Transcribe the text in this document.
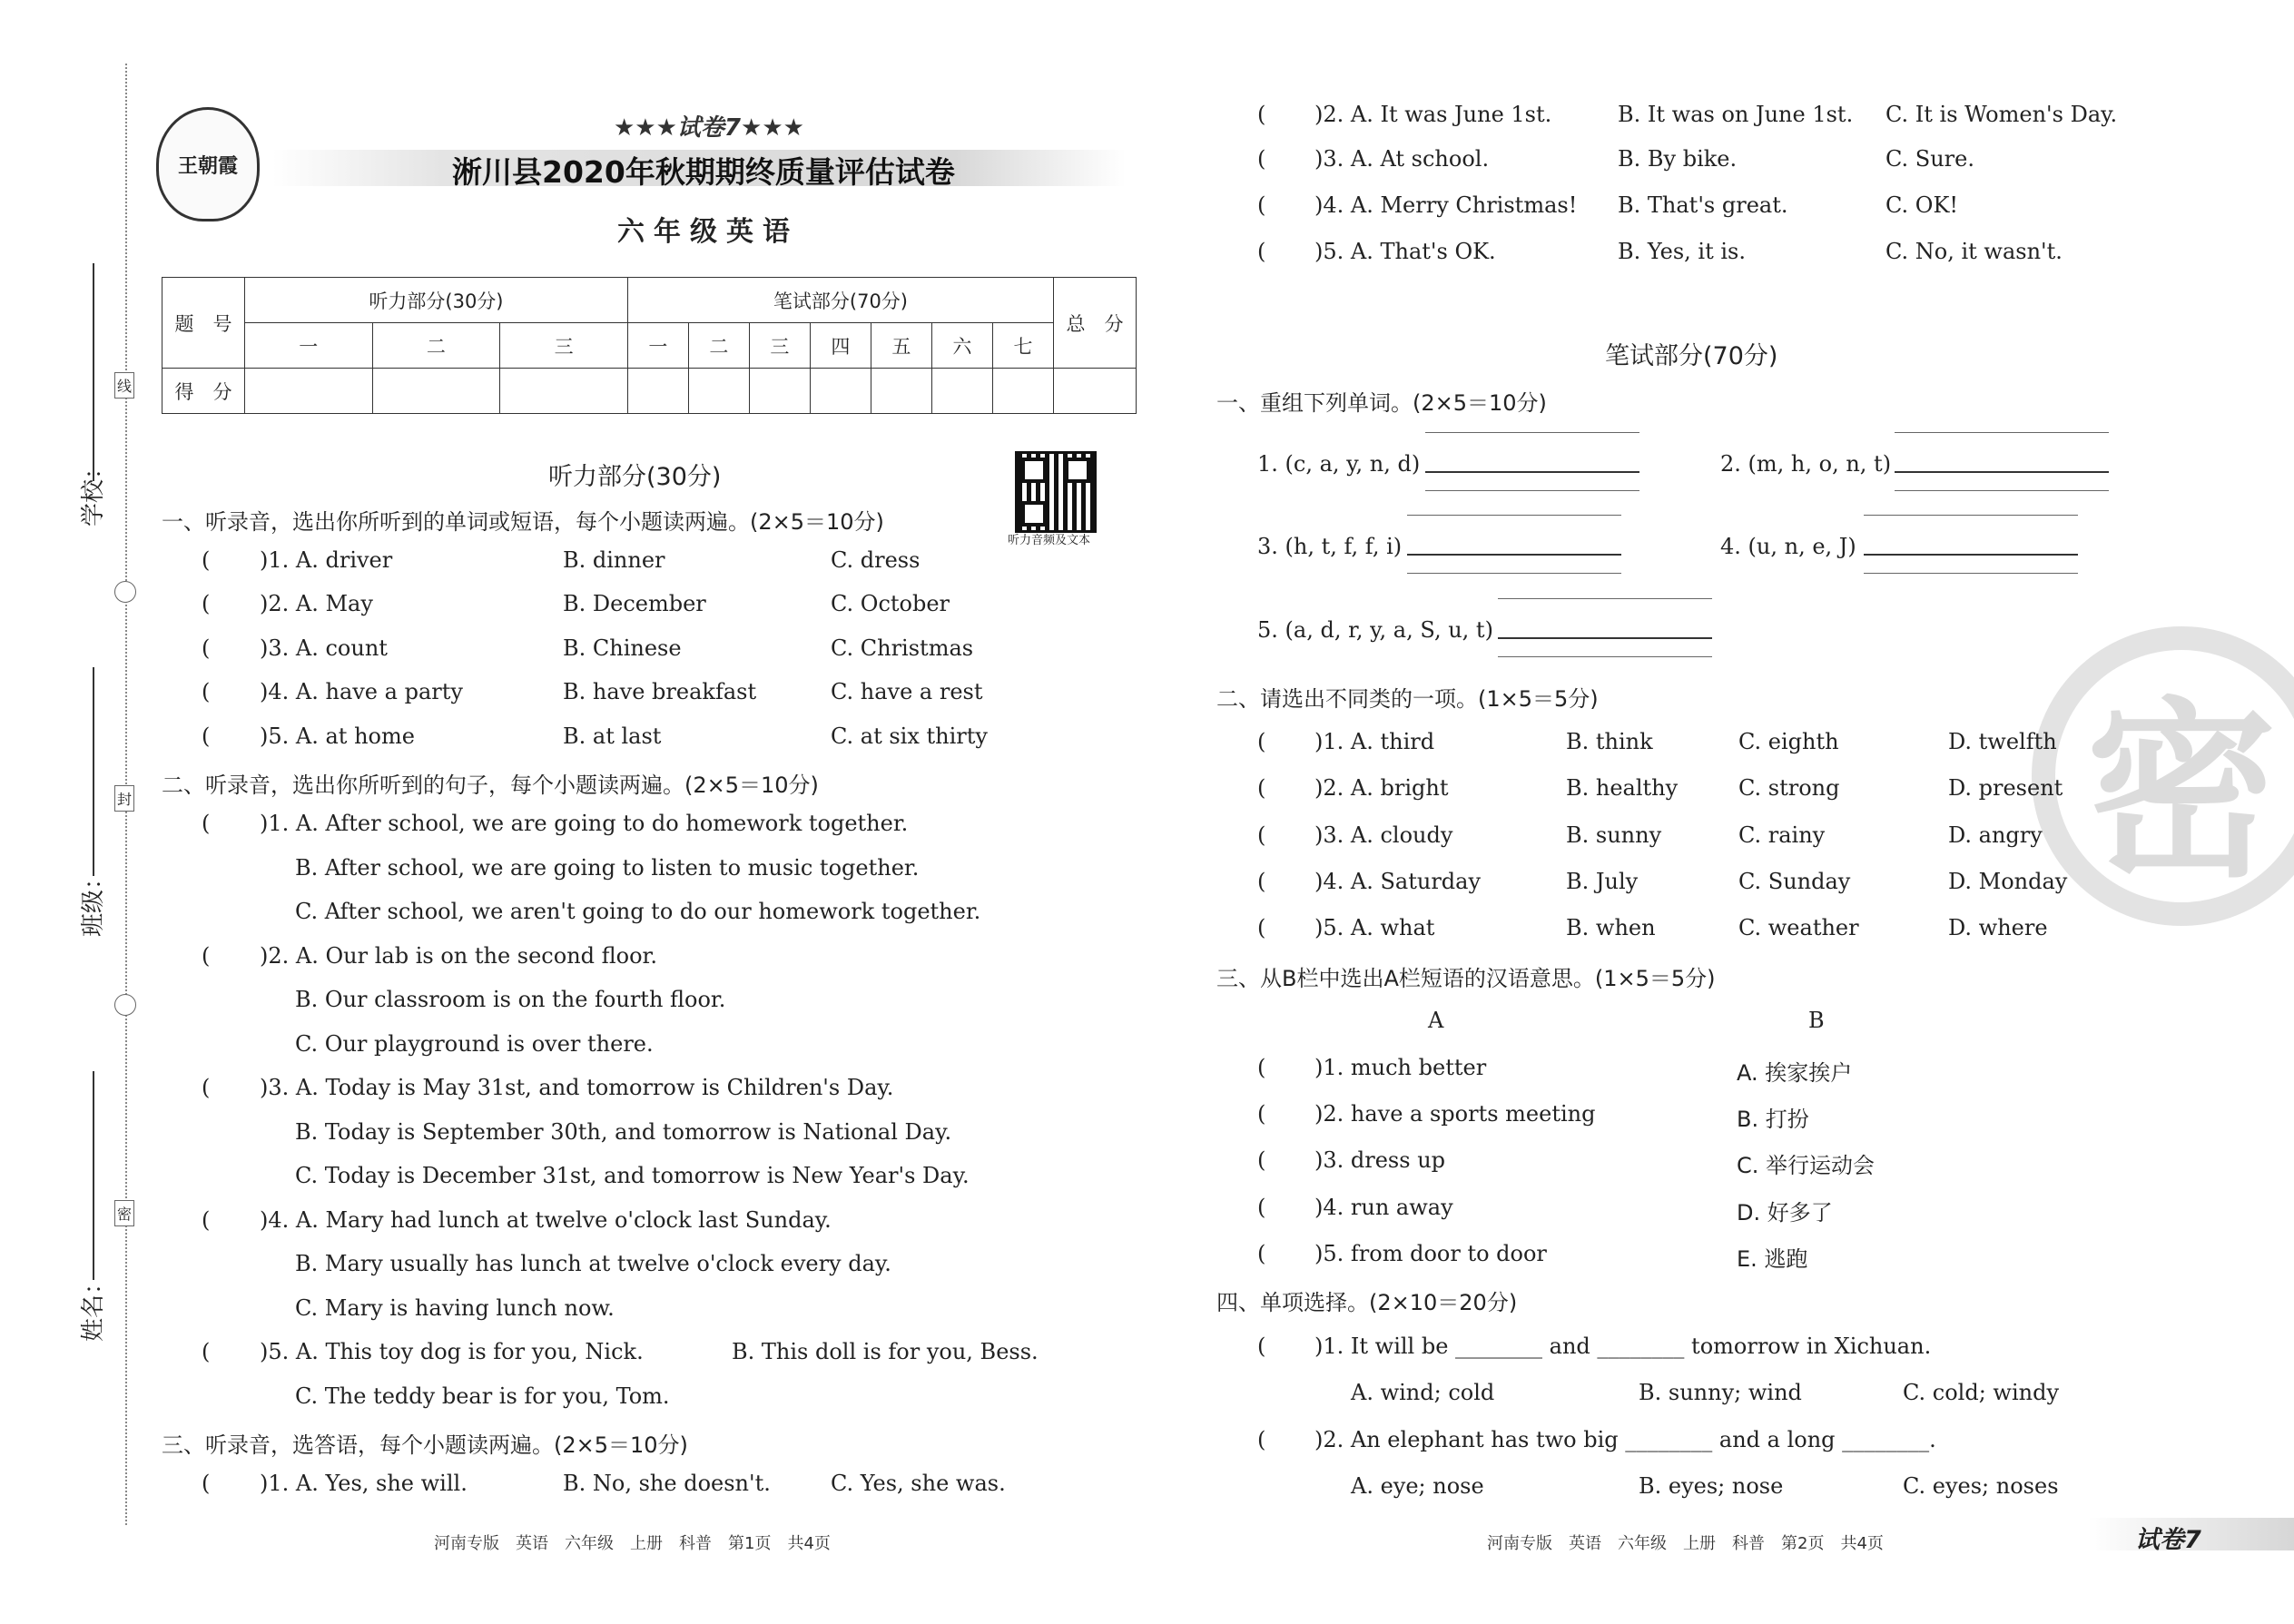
线
封
密
学校：
班级：
姓名：
王朝霞
★★★试卷7★★★
淅川县2020年秋期期终质量评估试卷
六年级英语
题　号	听力部分(30分)			笔试部分(70分)							总　分
	一	二	三	一	二	三	四	五	六	七	
得　分											
听力部分(30分)
听力音频及文本
一、听录音，选出你所听到的单词或短语，每个小题读两遍。(2×5＝10分)
( )1. A. driver	B. dinner	C. dress
( )2. A. May	B. December	C. October
( )3. A. count	B. Chinese	C. Christmas
( )4. A. have a party	B. have breakfast	C. have a rest
( )5. A. at home	B. at last	C. at six thirty
二、听录音，选出你所听到的句子，每个小题读两遍。(2×5＝10分)
( )1. A. After school, we are going to do homework together.
B. After school, we are going to listen to music together.
C. After school, we aren't going to do our homework together.
( )2. A. Our lab is on the second floor.
B. Our classroom is on the fourth floor.
C. Our playground is over there.
( )3. A. Today is May 31st, and tomorrow is Children's Day.
B. Today is September 30th, and tomorrow is National Day.
C. Today is December 31st, and tomorrow is New Year's Day.
( )4. A. Mary had lunch at twelve o'clock last Sunday.
B. Mary usually has lunch at twelve o'clock every day.
C. Mary is having lunch now.
( )5. A. This toy dog is for you, Nick.	B. This doll is for you, Bess.
C. The teddy bear is for you, Tom.
三、听录音，选答语，每个小题读两遍。(2×5＝10分)
( )1. A. Yes, she will.	B. No, she doesn't.	C. Yes, she was.
河南专版　英语　六年级　上册　科普　第1页　共4页
密
( )2. A. It was June 1st.	B. It was on June 1st. C. It is Women's Day.
( )3. A. At school.	B. By bike.	C. Sure.
( )4. A. Merry Christmas! B. That's great.	C. OK!
( )5. A. That's OK.	B. Yes, it is.	C. No, it wasn't.
笔试部分(70分)
一、重组下列单词。(2×5＝10分)
1. (c, a, y, n, d)	2. (m, h, o, n, t)
3. (h, t, f, f, i)	4. (u, n, e, J)
5. (a, d, r, y, a, S, u, t)
二、请选出不同类的一项。(1×5＝5分)
( )1. A. third	B. think	C. eighth	D. twelfth
( )2. A. bright	B. healthy	C. strong	D. present
( )3. A. cloudy	B. sunny	C. rainy	D. angry
( )4. A. Saturday	B. July	C. Sunday	D. Monday
( )5. A. what	B. when	C. weather	D. where
三、从B栏中选出A栏短语的汉语意思。(1×5＝5分)
A	B
( )1. much better	A. 挨家挨户
( )2. have a sports meeting	B. 打扮
( )3. dress up	C. 举行运动会
( )4. run away	D. 好多了
( )5. from door to door	E. 逃跑
四、单项选择。(2×10＝20分)
( )1. It will be ________ and ________ tomorrow in Xichuan.
A. wind; cold	B. sunny; wind	C. cold; windy
( )2. An elephant has two big ________ and a long ________.
A. eye; nose	B. eyes; nose	C. eyes; noses
河南专版　英语　六年级　上册　科普　第2页　共4页	试卷7
